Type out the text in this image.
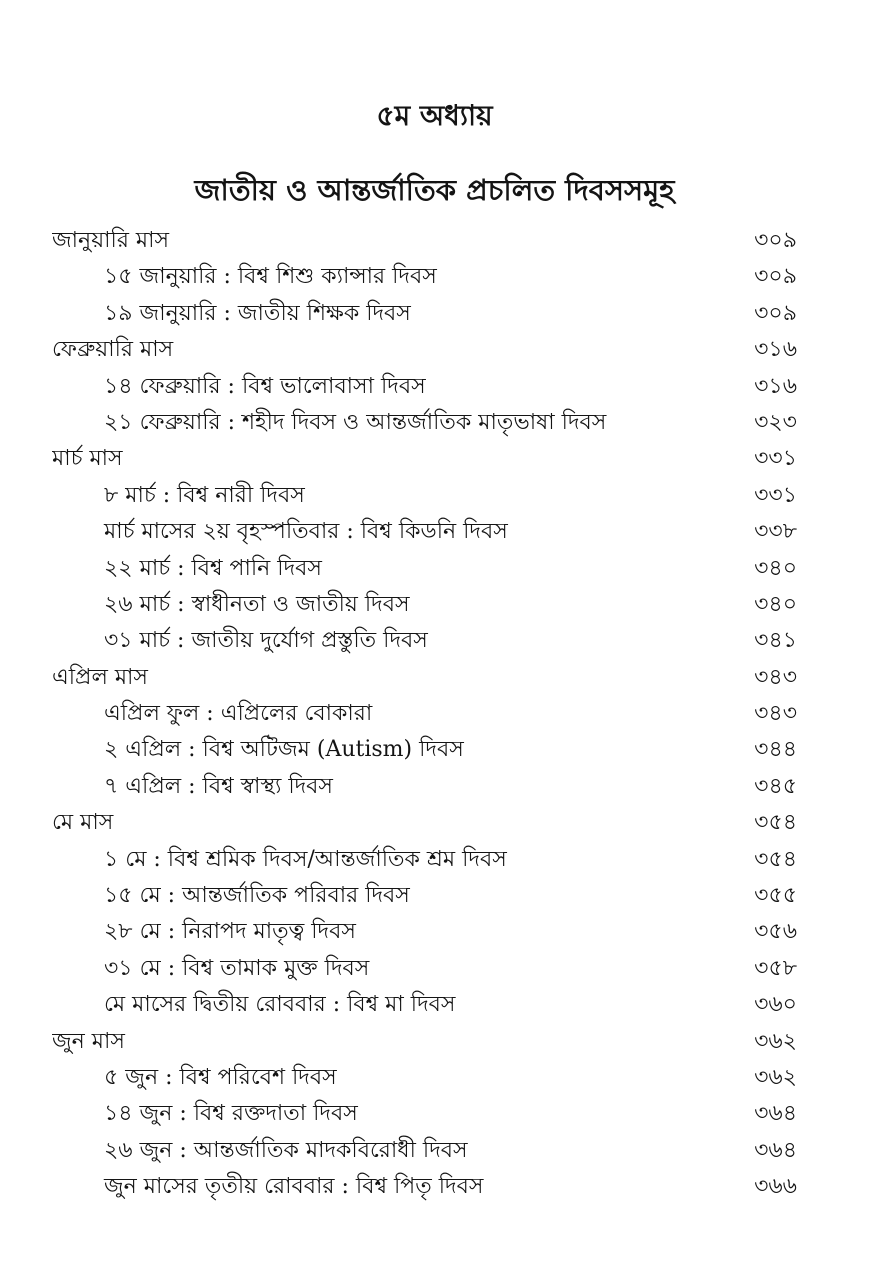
৫ম অধ্যায়
জাতীয় ও আন্তর্জাতিক প্রচলিত দিবসসমূহ
জানুয়ারি মাস	৩০৯
১৫ জানুয়ারি : বিশ্ব শিশু ক্যান্সার দিবস	৩০৯
১৯ জানুয়ারি : জাতীয় শিক্ষক দিবস	৩০৯
ফেব্রুয়ারি মাস	৩১৬
১৪ ফেব্রুয়ারি : বিশ্ব ভালোবাসা দিবস	৩১৬
২১ ফেব্রুয়ারি : শহীদ দিবস ও আন্তর্জাতিক মাতৃভাষা দিবস	৩২৩
মার্চ মাস	৩৩১
৮ মার্চ : বিশ্ব নারী দিবস	৩৩১
মার্চ মাসের ২য় বৃহস্পতিবার : বিশ্ব কিডনি দিবস	৩৩৮
২২ মার্চ : বিশ্ব পানি দিবস	৩৪০
২৬ মার্চ : স্বাধীনতা ও জাতীয় দিবস	৩৪০
৩১ মার্চ : জাতীয় দুর্যোগ প্রস্তুতি দিবস	৩৪১
এপ্রিল মাস	৩৪৩
এপ্রিল ফুল : এপ্রিলের বোকারা	৩৪৩
২ এপ্রিল : বিশ্ব অটিজম (Autism) দিবস	৩৪৪
৭ এপ্রিল : বিশ্ব স্বাস্থ্য দিবস	৩৪৫
মে মাস	৩৫৪
১ মে : বিশ্ব শ্রমিক দিবস/আন্তর্জাতিক শ্রম দিবস	৩৫৪
১৫ মে : আন্তর্জাতিক পরিবার দিবস	৩৫৫
২৮ মে : নিরাপদ মাতৃত্ব দিবস	৩৫৬
৩১ মে : বিশ্ব তামাক মুক্ত দিবস	৩৫৮
মে মাসের দ্বিতীয় রোববার : বিশ্ব মা দিবস	৩৬০
জুন মাস	৩৬২
৫ জুন : বিশ্ব পরিবেশ দিবস	৩৬২
১৪ জুন : বিশ্ব রক্তদাতা দিবস	৩৬৪
২৬ জুন : আন্তর্জাতিক মাদকবিরোধী দিবস	৩৬৪
জুন মাসের তৃতীয় রোববার : বিশ্ব পিতৃ দিবস	৩৬৬
